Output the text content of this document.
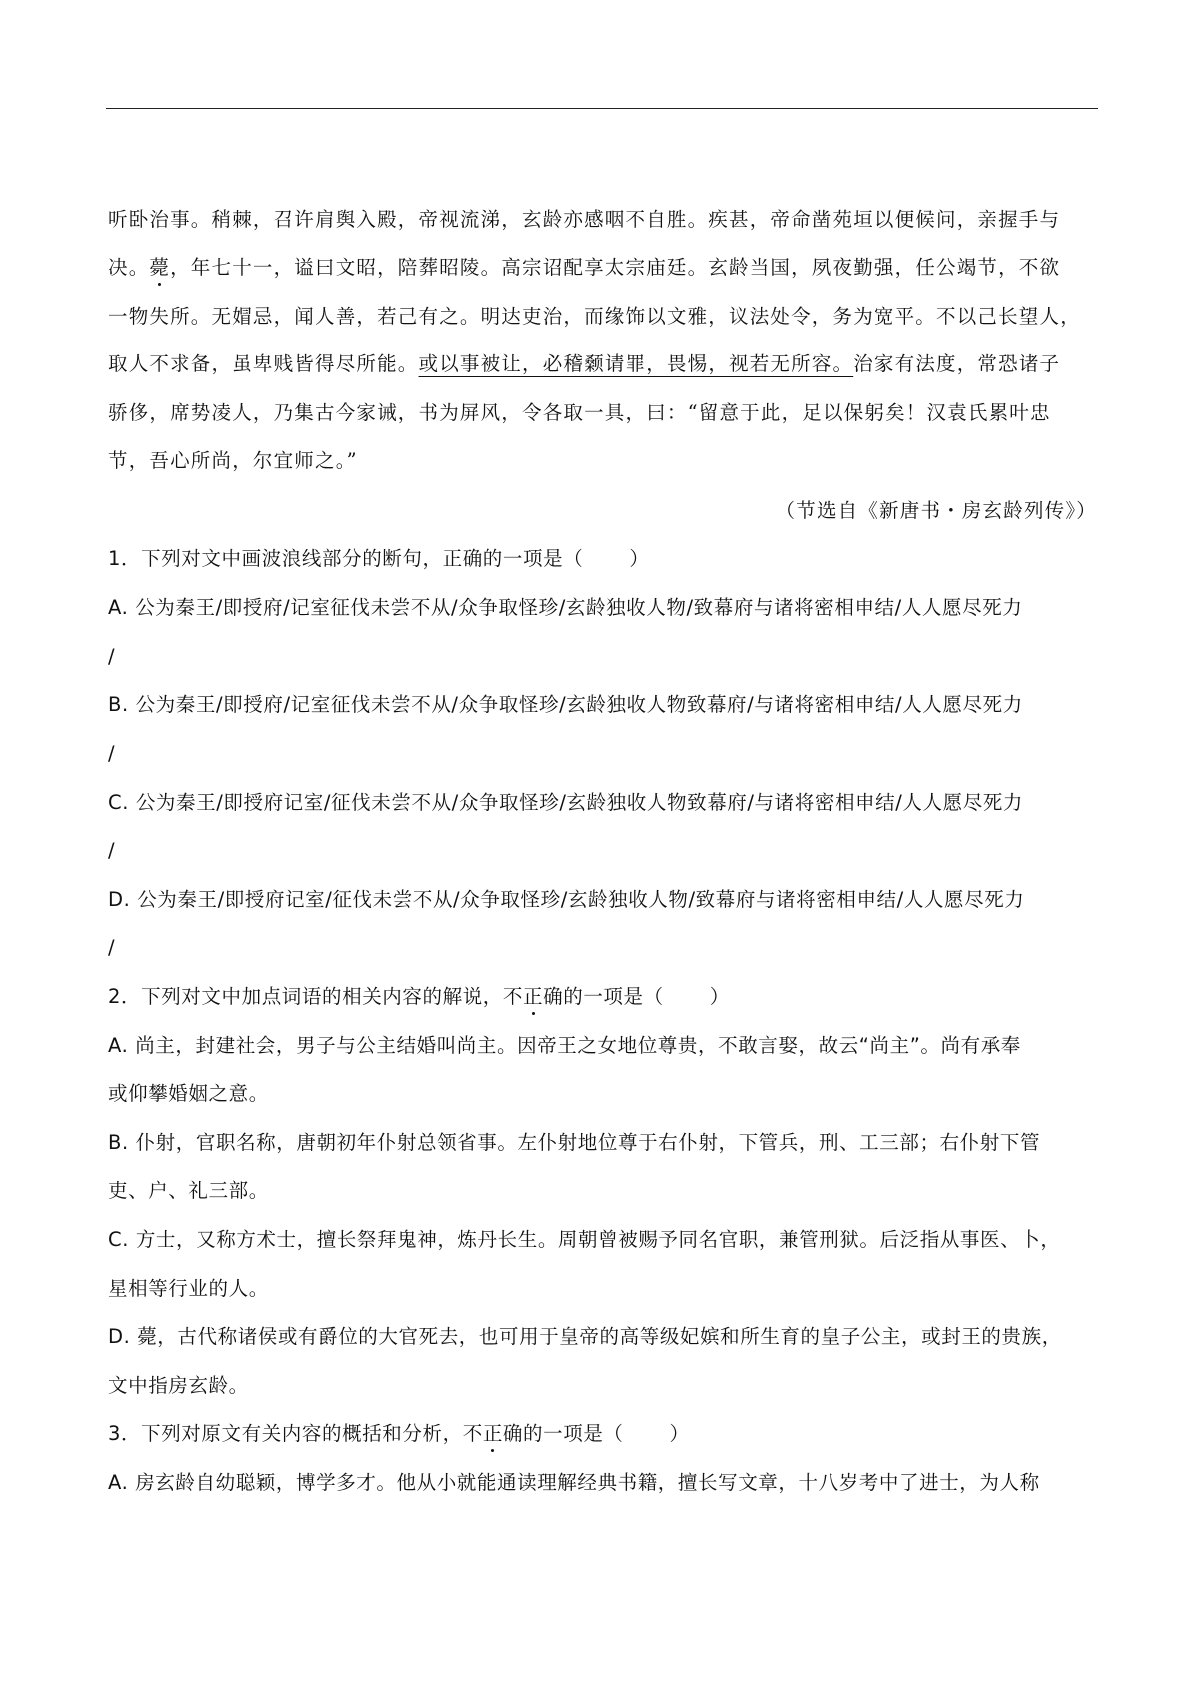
听卧治事。稍棘，召许肩舆入殿，帝视流涕，玄龄亦感咽不自胜。疾甚，帝命凿苑垣以便候问，亲握手与
决。薨，年七十一，谥曰文昭，陪葬昭陵。高宗诏配享太宗庙廷。玄龄当国，夙夜勤强，任公竭节，不欲
一物失所。无媢忌，闻人善，若己有之。明达吏治，而缘饰以文雅，议法处令，务为宽平。不以己长望人，
取人不求备，虽卑贱皆得尽所能。或以事被让，必稽颡请罪，畏惕，视若无所容。治家有法度，常恐诸子
骄侈，席势凌人，乃集古今家诫，书为屏风，令各取一具，曰：“留意于此，足以保躬矣！汉袁氏累叶忠
节，吾心所尚，尔宜师之。”
（节选自《新唐书・房玄龄列传》）
1．下列对文中画波浪线部分的断句，正确的一项是（ ）
A. 公为秦王/即授府/记室征伐未尝不从/众争取怪珍/玄龄独收人物/致幕府与诸将密相申结/人人愿尽死力
/
B. 公为秦王/即授府/记室征伐未尝不从/众争取怪珍/玄龄独收人物致幕府/与诸将密相申结/人人愿尽死力
/
C. 公为秦王/即授府记室/征伐未尝不从/众争取怪珍/玄龄独收人物致幕府/与诸将密相申结/人人愿尽死力
/
D. 公为秦王/即授府记室/征伐未尝不从/众争取怪珍/玄龄独收人物/致幕府与诸将密相申结/人人愿尽死力
/
2．下列对文中加点词语的相关内容的解说，不正确的一项是（ ）
A. 尚主，封建社会，男子与公主结婚叫尚主。因帝王之女地位尊贵，不敢言娶，故云“尚主”。尚有承奉
或仰攀婚姻之意。
B. 仆射，官职名称，唐朝初年仆射总领省事。左仆射地位尊于右仆射，下管兵，刑、工三部；右仆射下管
吏、户、礼三部。
C. 方士，又称方术士，擅长祭拜鬼神，炼丹长生。周朝曾被赐予同名官职，兼管刑狱。后泛指从事医、卜，
星相等行业的人。
D. 薨，古代称诸侯或有爵位的大官死去，也可用于皇帝的高等级妃嫔和所生育的皇子公主，或封王的贵族，
文中指房玄龄。
3．下列对原文有关内容的概括和分析，不正确的一项是（ ）
A. 房玄龄自幼聪颖，博学多才。他从小就能通读理解经典书籍，擅长写文章，十八岁考中了进士，为人称
